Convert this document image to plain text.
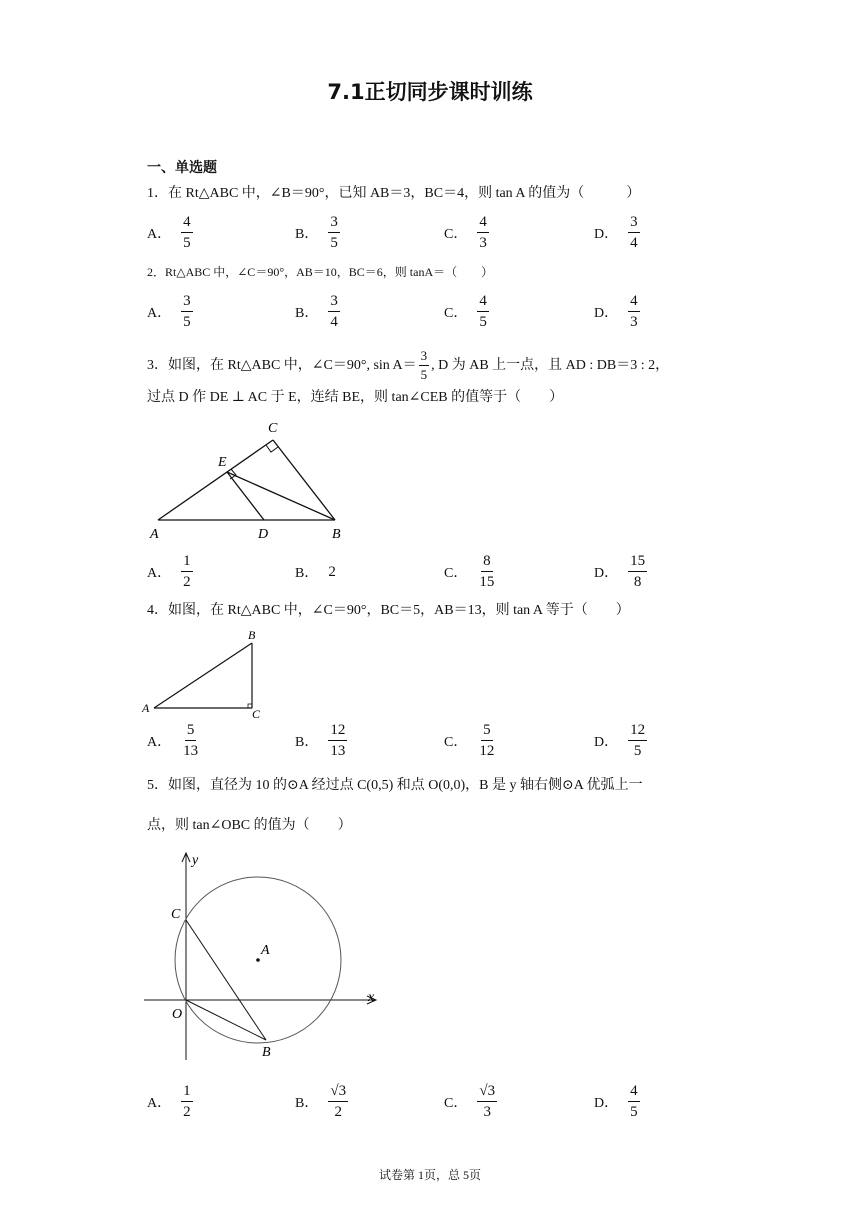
7.1正切同步课时训练
一、单选题
1．在 Rt△ABC 中，∠B＝90°，已知 AB＝3，BC＝4，则 tan A 的值为（　　　）
A． $\frac{4}{5}$	B． $\frac{3}{5}$	C． $\frac{4}{3}$	D． $\frac{3}{4}$
2．Rt△ABC 中，∠C＝90°，AB＝10，BC＝6，则 tanA＝（　　）
A． $\frac{3}{5}$	B． $\frac{3}{4}$	C． $\frac{4}{5}$	D． $\frac{4}{3}$
3． 如图，在 Rt△ABC 中，∠C＝90°, $\sin A= \frac{3}{5}$ , D 为 AB 上一点，且 AD : DB＝3 : 2，
过点 D 作 DE ⊥ AC 于 E，连结 BE，则 tan∠CEB 的值等于（　　）
C
E
A	D	B
A． $\frac{1}{2}$	B． 2	C． $\frac{8}{15}$	D． $\frac{15}{8}$
4．如图，在 Rt△ABC 中，∠C＝90°，BC＝5，AB＝13，则 tan A 等于（　　）
B
A	C
A． $\frac{5}{13}$	B． $\frac{12}{13}$	C． $\frac{5}{12}$	D． $\frac{12}{5}$
5．如图，直径为 10 的⊙A 经过点 C(0,5) 和点 O(0,0)，B 是 y 轴右侧⊙A 优弧上一
点，则 tan∠OBC 的值为（　　）
y
C
A
O
x
B
A． $\frac{1}{2}$	B． $\frac{√3}{2}$	C． $\frac{√3}{3}$	D． $\frac{4}{5}$
试卷第 1页，总 5页
